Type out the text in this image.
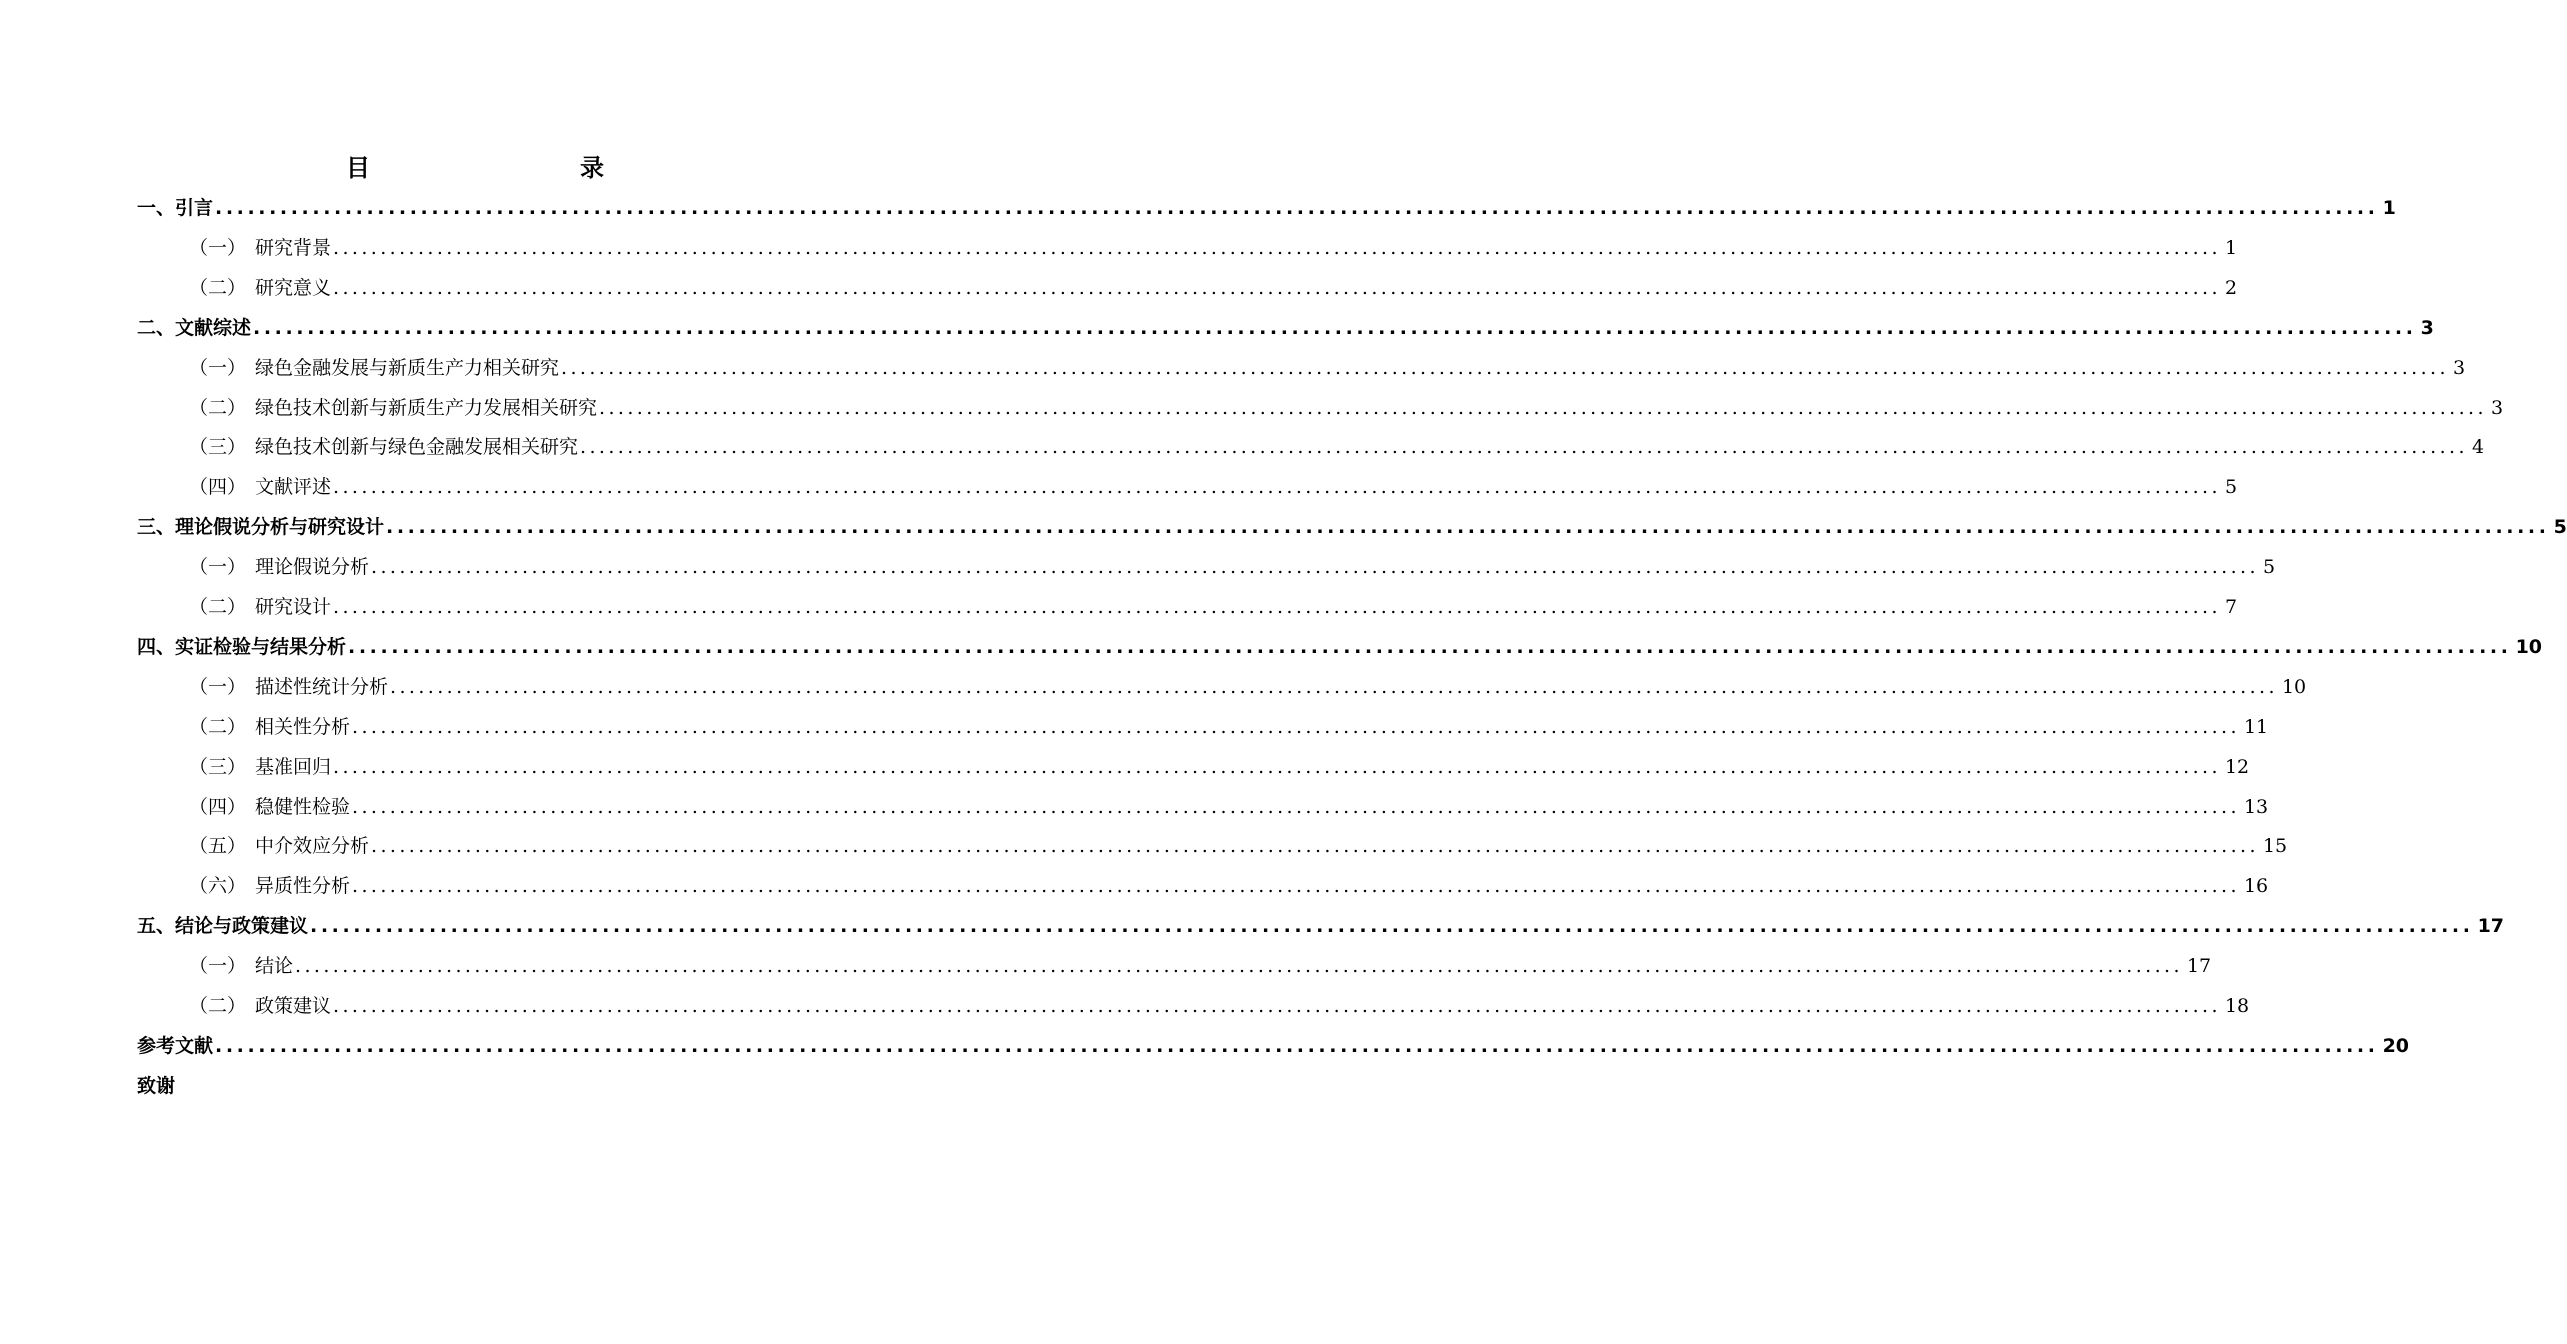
目　　录
一、引言 ........................................................................................................................................................................................................ 1
（一） 研究背景 ........................................................................................................................................................................................................ 1
（二） 研究意义 ........................................................................................................................................................................................................ 2
二、文献综述 ........................................................................................................................................................................................................ 3
（一） 绿色金融发展与新质生产力相关研究 ........................................................................................................................................................................................................ 3
（二） 绿色技术创新与新质生产力发展相关研究 ........................................................................................................................................................................................................ 3
（三） 绿色技术创新与绿色金融发展相关研究 ........................................................................................................................................................................................................ 4
（四） 文献评述 ........................................................................................................................................................................................................ 5
三、理论假说分析与研究设计 ........................................................................................................................................................................................................ 5
（一） 理论假说分析 ........................................................................................................................................................................................................ 5
（二） 研究设计 ........................................................................................................................................................................................................ 7
四、实证检验与结果分析 ........................................................................................................................................................................................................ 10
（一） 描述性统计分析 ........................................................................................................................................................................................................ 10
（二） 相关性分析 ........................................................................................................................................................................................................ 11
（三） 基准回归 ........................................................................................................................................................................................................ 12
（四） 稳健性检验 ........................................................................................................................................................................................................ 13
（五） 中介效应分析 ........................................................................................................................................................................................................ 15
（六） 异质性分析 ........................................................................................................................................................................................................ 16
五、结论与政策建议 ........................................................................................................................................................................................................ 17
（一） 结论 ........................................................................................................................................................................................................ 17
（二） 政策建议 ........................................................................................................................................................................................................ 18
参考文献 ........................................................................................................................................................................................................ 20
致谢
